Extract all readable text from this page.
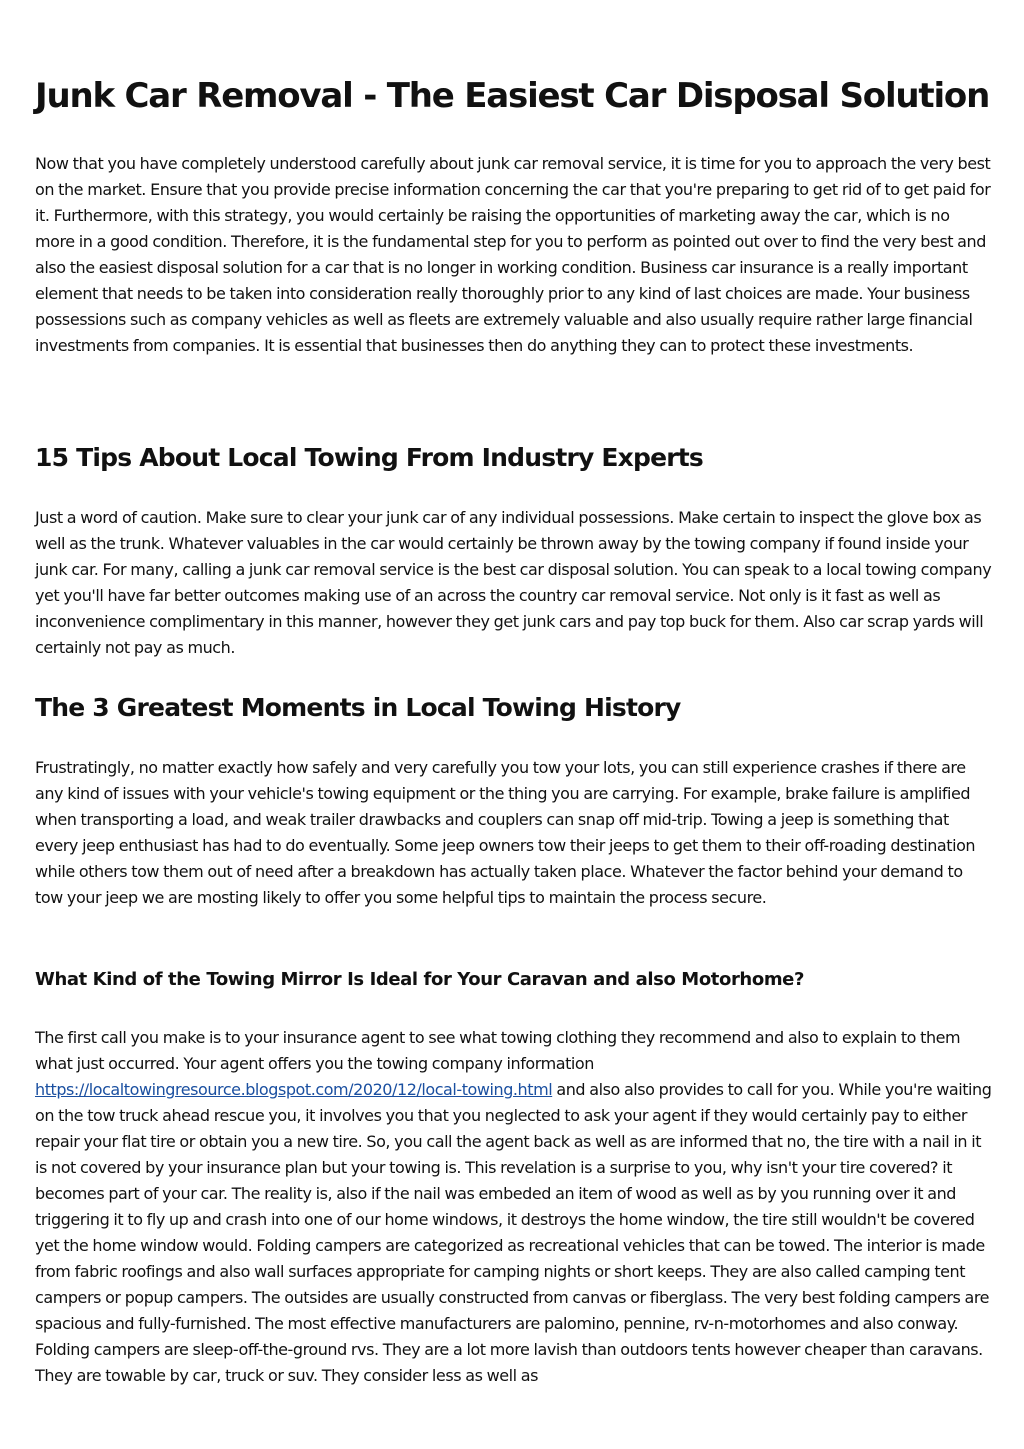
Junk Car Removal - The Easiest Car Disposal Solution

Now that you have completely understood carefully about junk car removal service, it is time for you to approach the very best on the market. Ensure that you provide precise information concerning the car that you're preparing to get rid of to get paid for it. Furthermore, with this strategy, you would certainly be raising the opportunities of marketing away the car, which is no more in a good condition. Therefore, it is the fundamental step for you to perform as pointed out over to find the very best and also the easiest disposal solution for a car that is no longer in working condition. Business car insurance is a really important element that needs to be taken into consideration really thoroughly prior to any kind of last choices are made. Your business possessions such as company vehicles as well as fleets are extremely valuable and also usually require rather large financial investments from companies. It is essential that businesses then do anything they can to protect these investments.

15 Tips About Local Towing From Industry Experts

Just a word of caution. Make sure to clear your junk car of any individual possessions. Make certain to inspect the glove box as well as the trunk. Whatever valuables in the car would certainly be thrown away by the towing company if found inside your junk car. For many, calling a junk car removal service is the best car disposal solution. You can speak to a local towing company yet you'll have far better outcomes making use of an across the country car removal service. Not only is it fast as well as inconvenience complimentary in this manner, however they get junk cars and pay top buck for them. Also car scrap yards will certainly not pay as much.

The 3 Greatest Moments in Local Towing History

Frustratingly, no matter exactly how safely and very carefully you tow your lots, you can still experience crashes if there are any kind of issues with your vehicle's towing equipment or the thing you are carrying. For example, brake failure is amplified when transporting a load, and weak trailer drawbacks and couplers can snap off mid-trip. Towing a jeep is something that every jeep enthusiast has had to do eventually. Some jeep owners tow their jeeps to get them to their off-roading destination while others tow them out of need after a breakdown has actually taken place. Whatever the factor behind your demand to tow your jeep we are mosting likely to offer you some helpful tips to maintain the process secure.

What Kind of the Towing Mirror Is Ideal for Your Caravan and also Motorhome?

The first call you make is to your insurance agent to see what towing clothing they recommend and also to explain to them what just occurred. Your agent offers you the towing company information https://localtowingresource.blogspot.com/2020/12/local-towing.html and also also provides to call for you. While you're waiting on the tow truck ahead rescue you, it involves you that you neglected to ask your agent if they would certainly pay to either repair your flat tire or obtain you a new tire. So, you call the agent back as well as are informed that no, the tire with a nail in it is not covered by your insurance plan but your towing is. This revelation is a surprise to you, why isn't your tire covered? it becomes part of your car. The reality is, also if the nail was embeded an item of wood as well as by you running over it and triggering it to fly up and crash into one of our home windows, it destroys the home window, the tire still wouldn't be covered yet the home window would. Folding campers are categorized as recreational vehicles that can be towed. The interior is made from fabric roofings and also wall surfaces appropriate for camping nights or short keeps. They are also called camping tent campers or popup campers. The outsides are usually constructed from canvas or fiberglass. The very best folding campers are spacious and fully-furnished. The most effective manufacturers are palomino, pennine, rv-n-motorhomes and also conway. Folding campers are sleep-off-the-ground rvs. They are a lot more lavish than outdoors tents however cheaper than caravans. They are towable by car, truck or suv. They consider less as well as
